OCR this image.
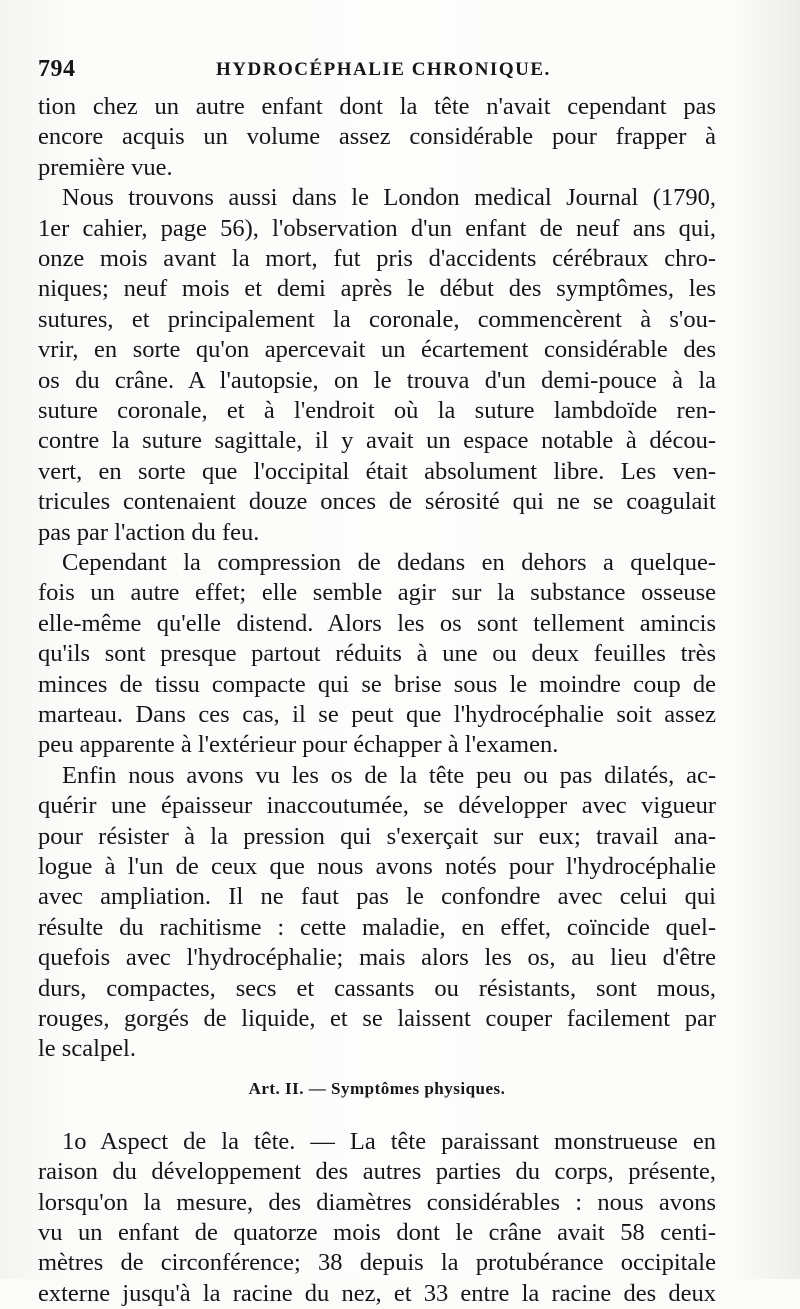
794	HYDROCÉPHALIE CHRONIQUE.
tion chez un autre enfant dont la tête n'avait cependant pas
encore acquis un volume assez considérable pour frapper à
première vue.
Nous trouvons aussi dans le London medical Journal (1790,
1er cahier, page 56), l'observation d'un enfant de neuf ans qui,
onze mois avant la mort, fut pris d'accidents cérébraux chro-
niques; neuf mois et demi après le début des symptômes, les
sutures, et principalement la coronale, commencèrent à s'ou-
vrir, en sorte qu'on apercevait un écartement considérable des
os du crâne. A l'autopsie, on le trouva d'un demi-pouce à la
suture coronale, et à l'endroit où la suture lambdoïde ren-
contre la suture sagittale, il y avait un espace notable à décou-
vert, en sorte que l'occipital était absolument libre. Les ven-
tricules contenaient douze onces de sérosité qui ne se coagulait
pas par l'action du feu.
Cependant la compression de dedans en dehors a quelque-
fois un autre effet; elle semble agir sur la substance osseuse
elle-même qu'elle distend. Alors les os sont tellement amincis
qu'ils sont presque partout réduits à une ou deux feuilles très
minces de tissu compacte qui se brise sous le moindre coup de
marteau. Dans ces cas, il se peut que l'hydrocéphalie soit assez
peu apparente à l'extérieur pour échapper à l'examen.
Enfin nous avons vu les os de la tête peu ou pas dilatés, ac-
quérir une épaisseur inaccoutumée, se développer avec vigueur
pour résister à la pression qui s'exerçait sur eux; travail ana-
logue à l'un de ceux que nous avons notés pour l'hydrocéphalie
avec ampliation. Il ne faut pas le confondre avec celui qui
résulte du rachitisme : cette maladie, en effet, coïncide quel-
quefois avec l'hydrocéphalie; mais alors les os, au lieu d'être
durs, compactes, secs et cassants ou résistants, sont mous,
rouges, gorgés de liquide, et se laissent couper facilement par
le scalpel.
Art. II. — Symptômes physiques.
1o Aspect de la tête. — La tête paraissant monstrueuse en
raison du développement des autres parties du corps, présente,
lorsqu'on la mesure, des diamètres considérables : nous avons
vu un enfant de quatorze mois dont le crâne avait 58 centi-
mètres de circonférence; 38 depuis la protubérance occipitale
externe jusqu'à la racine du nez, et 33 entre la racine des deux
